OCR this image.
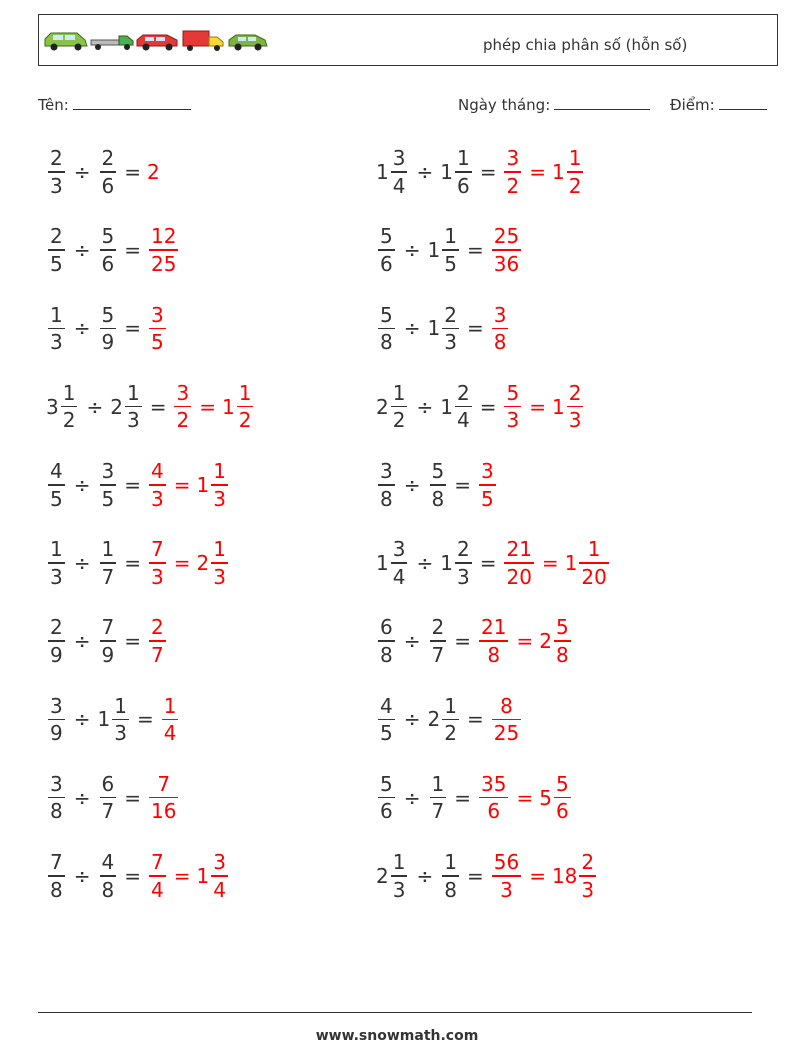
phép chia phân số (hỗn số)
Tên:	Ngày tháng:	Điểm:
$\frac{2}{3} \div \frac{2}{6} = 2$	$1 \frac{3}{4} \div 1 \frac{1}{6} = \frac{3}{2} = 1 \frac{1}{2}$
$\frac{2}{5} \div \frac{5}{6} = \frac{12}{25}$	$\frac{5}{6} \div 1 \frac{1}{5} = \frac{25}{36}$
$\frac{1}{3} \div \frac{5}{9} = \frac{3}{5}$	$\frac{5}{8} \div 1 \frac{2}{3} = \frac{3}{8}$
$3 \frac{1}{2} \div 2 \frac{1}{3} = \frac{3}{2} = 1 \frac{1}{2}$	$2 \frac{1}{2} \div 1 \frac{2}{4} = \frac{5}{3} = 1 \frac{2}{3}$
$\frac{4}{5} \div \frac{3}{5} = \frac{4}{3} = 1 \frac{1}{3}$	$\frac{3}{8} \div \frac{5}{8} = \frac{3}{5}$
$\frac{1}{3} \div \frac{1}{7} = \frac{7}{3} = 2 \frac{1}{3}$	$1 \frac{3}{4} \div 1 \frac{2}{3} = \frac{21}{20} = 1 \frac{1}{20}$
$\frac{2}{9} \div \frac{7}{9} = \frac{2}{7}$	$\frac{6}{8} \div \frac{2}{7} = \frac{21}{8} = 2 \frac{5}{8}$
$\frac{3}{9} \div 1 \frac{1}{3} = \frac{1}{4}$	$\frac{4}{5} \div 2 \frac{1}{2} = \frac{8}{25}$
$\frac{3}{8} \div \frac{6}{7} = \frac{7}{16}$	$\frac{5}{6} \div \frac{1}{7} = \frac{35}{6} = 5 \frac{5}{6}$
$\frac{7}{8} \div \frac{4}{8} = \frac{7}{4} = 1 \frac{3}{4}$	$2 \frac{1}{3} \div \frac{1}{8} = \frac{56}{3} = 18 \frac{2}{3}$
www.snowmath.com
